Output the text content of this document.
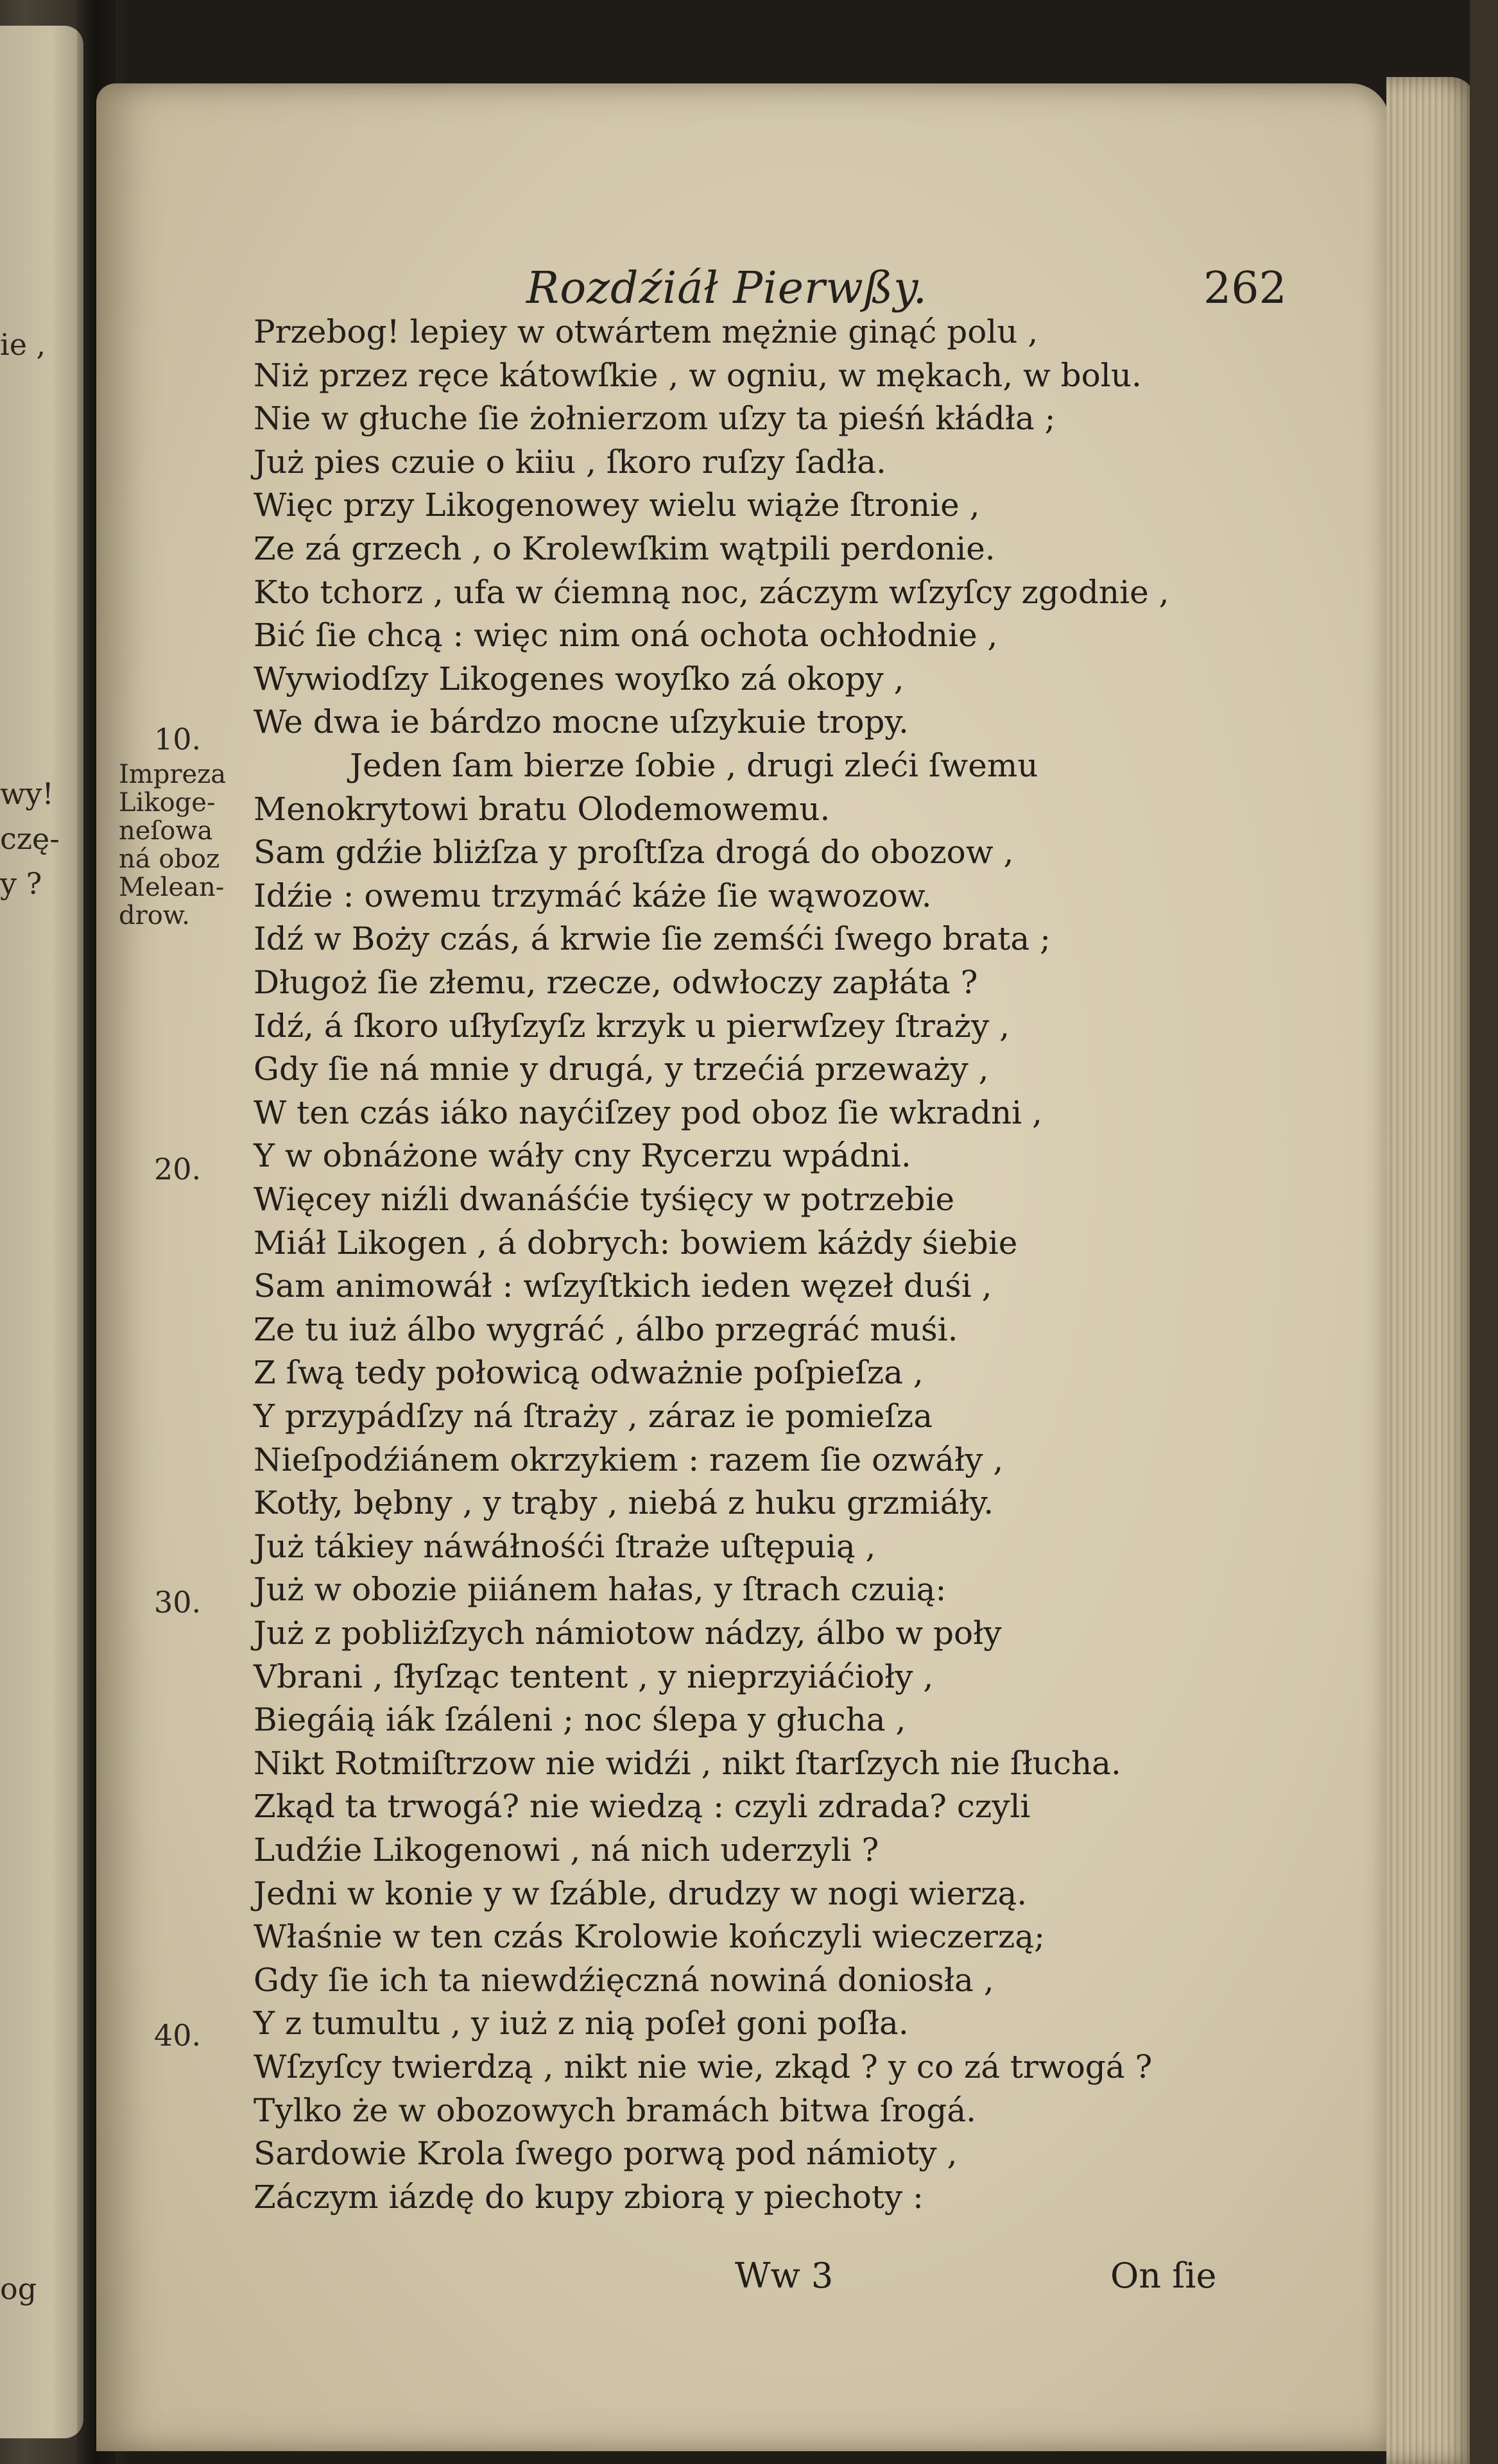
ie ,
wy!
czę-
y ?
og
Rozdźiáł Pierwßy.	262
Przebog! lepiey w otwártem mężnie ginąć polu ,
Niż przez ręce kátowſkie , w ogniu, w mękach, w bolu.
Nie w głuche ſie żołnierzom uſzy ta pieśń kłádła ;
Już pies czuie o kiiu , ſkoro ruſzy ſadła.
Więc przy Likogenowey wielu wiąże ſtronie ,
Ze zá grzech , o Krolewſkim wątpili perdonie.
Kto tchorz , ufa w ćiemną noc, záczym wſzyſcy zgodnie ,
Bić ſie chcą : więc nim oná ochota ochłodnie ,
Wywiodſzy Likogenes woyſko zá okopy ,
We dwa ie bárdzo mocne uſzykuie tropy.
Jeden ſam bierze ſobie , drugi zleći ſwemu
Menokrytowi bratu Olodemowemu.
Sam gdźie bliżſza y proſtſza drogá do obozow ,
Idźie : owemu trzymáć káże ſie wąwozow.
Idź w Boży czás, á krwie ſie zemśći ſwego brata ;
Długoż ſie złemu, rzecze, odwłoczy zapłáta ?
Idź, á ſkoro uſłyſzyſz krzyk u pierwſzey ſtraży ,
Gdy ſie ná mnie y drugá, y trzećiá przeważy ,
W ten czás iáko nayćiſzey pod oboz ſie wkradni ,
Y w obnáżone wáły cny Rycerzu wpádni.
Więcey niźli dwanáśćie tyśięcy w potrzebie
Miáł Likogen , á dobrych: bowiem káżdy śiebie
Sam animowáł : wſzyſtkich ieden węzeł duśi ,
Ze tu iuż álbo wygráć , álbo przegráć muśi.
Z ſwą tedy połowicą odważnie poſpieſza ,
Y przypádſzy ná ſtraży , záraz ie pomieſza
Nieſpodźiánem okrzykiem : razem ſie ozwáły ,
Kotły, bębny , y trąby , niebá z huku grzmiáły.
Już tákiey náwáłnośći ſtraże uſtępuią ,
Już w obozie piiánem hałas, y ſtrach czuią:
Już z pobliżſzych námiotow nádzy, álbo w poły
Vbrani , ſłyſząc tentent , y nieprzyiáćioły ,
Biegáią iák ſzáleni ; noc ślepa y głucha ,
Nikt Rotmiſtrzow nie widźi , nikt ſtarſzych nie ſłucha.
Zkąd ta trwogá? nie wiedzą : czyli zdrada? czyli
Ludźie Likogenowi , ná nich uderzyli ?
Jedni w konie y w ſzáble, drudzy w nogi wierzą.
Właśnie w ten czás Krolowie kończyli wieczerzą;
Gdy ſie ich ta niewdźięczná nowiná doniosła ,
Y z tumultu , y iuż z nią poſeł goni poſła.
Wſzyſcy twierdzą , nikt nie wie, zkąd ? y co zá trwogá ?
Tylko że w obozowych bramách bitwa ſrogá.
Sardowie Krola ſwego porwą pod námioty ,
Záczym iázdę do kupy zbiorą y piechoty :
10.
20.
30.
40.
Impreza
Likoge-
neſowa
ná oboz
Melean-
drow.
Ww 3	On ſie
